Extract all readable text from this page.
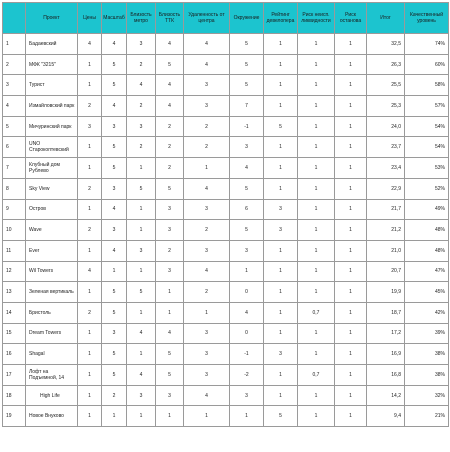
	Проект	Цены	Масштаб	Близость метро	Близость ТТК	Удаленность от центра	Окружение	Рейтинг девелопера	Риск неисп. ликвидности	Риск останова	Итог	Качественный уровень
1	Бадаевский	4	4	3	4	4	5	1	1	1	32,5	74%
2	МФК "3215"	1	5	2	5	4	5	1	1	1	26,3	60%
3	Турист	1	5	4	4	3	5	1	1	1	25,5	58%
4	Измайловский парк	2	4	2	4	3	7	1	1	1	25,3	57%
5	Мичуринский парк	3	3	3	2	2	-1	5	1	1	24,0	54%
6	UNO Старокоптевский	1	5	2	2	2	3	1	1	1	23,7	54%
7	Клубный дом Рублево	1	5	1	2	1	4	1	1	1	23,4	53%
8	Sky View	2	3	5	5	4	5	1	1	1	22,9	52%
9	Остров	1	4	1	3	3	6	3	1	1	21,7	49%
10	Wave	2	3	1	3	2	5	3	1	1	21,2	48%
11	Ever	1	4	3	2	3	3	1	1	1	21,0	48%
12	Wil Towers	4	1	1	3	4	1	1	1	1	20,7	47%
13	Зеленая вертикаль	1	5	5	1	2	0	1	1	1	19,9	45%
14	Бристоль	2	5	1	1	1	4	1	0,7	1	18,7	42%
15	Dream Towers	1	3	4	4	3	0	1	1	1	17,2	39%
16	Shagal	1	5	1	5	3	-1	3	1	1	16,9	38%
17	Лофт на Подъемной, 14	1	5	4	5	3	-2	1	0,7	1	16,8	38%
18	High Life	1	2	3	3	4	3	1	1	1	14,2	32%
19	Новое Внуково	1	1	1	1	1	1	5	1	1	9,4	21%
